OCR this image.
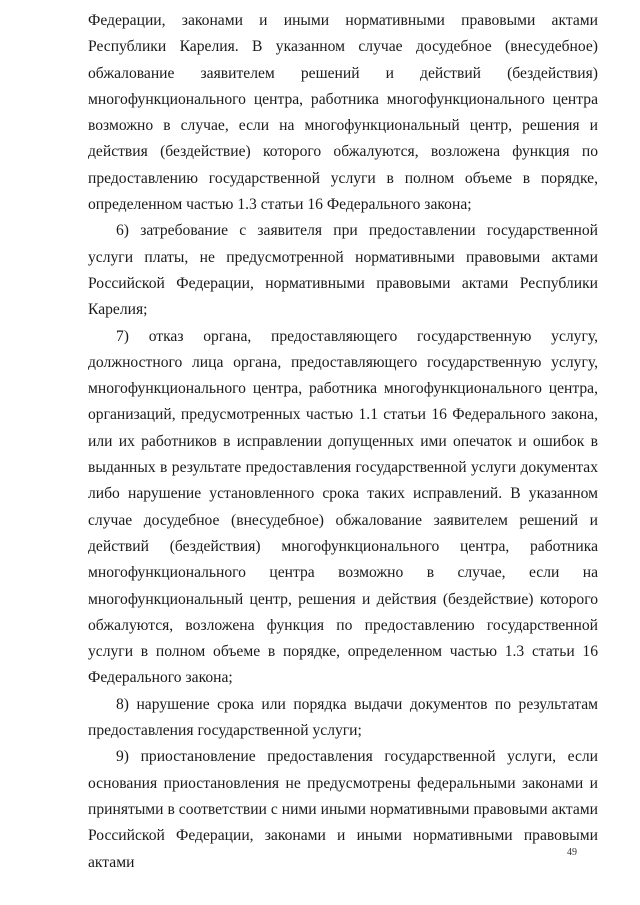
Федерации, законами и иными нормативными правовыми актами Республики Карелия. В указанном случае досудебное (внесудебное) обжалование заявителем решений и действий (бездействия) многофункционального центра, работника многофункционального центра возможно в случае, если на многофункциональный центр, решения и действия (бездействие) которого обжалуются, возложена функция по предоставлению государственной услуги в полном объеме в порядке, определенном частью 1.3 статьи 16 Федерального закона;

6) затребование с заявителя при предоставлении государственной услуги платы, не предусмотренной нормативными правовыми актами Российской Федерации, нормативными правовыми актами Республики Карелия;

7) отказ органа, предоставляющего государственную услугу, должностного лица органа, предоставляющего государственную услугу, многофункционального центра, работника многофункционального центра, организаций, предусмотренных частью 1.1 статьи 16 Федерального закона, или их работников в исправлении допущенных ими опечаток и ошибок в выданных в результате предоставления государственной услуги документах либо нарушение установленного срока таких исправлений. В указанном случае досудебное (внесудебное) обжалование заявителем решений и действий (бездействия) многофункционального центра, работника многофункционального центра возможно в случае, если на многофункциональный центр, решения и действия (бездействие) которого обжалуются, возложена функция по предоставлению государственной услуги в полном объеме в порядке, определенном частью 1.3 статьи 16 Федерального закона;

8) нарушение срока или порядка выдачи документов по результатам предоставления государственной услуги;

9) приостановление предоставления государственной услуги, если основания приостановления не предусмотрены федеральными законами и принятыми в соответствии с ними иными нормативными правовыми актами Российской Федерации, законами и иными нормативными правовыми актами

49
